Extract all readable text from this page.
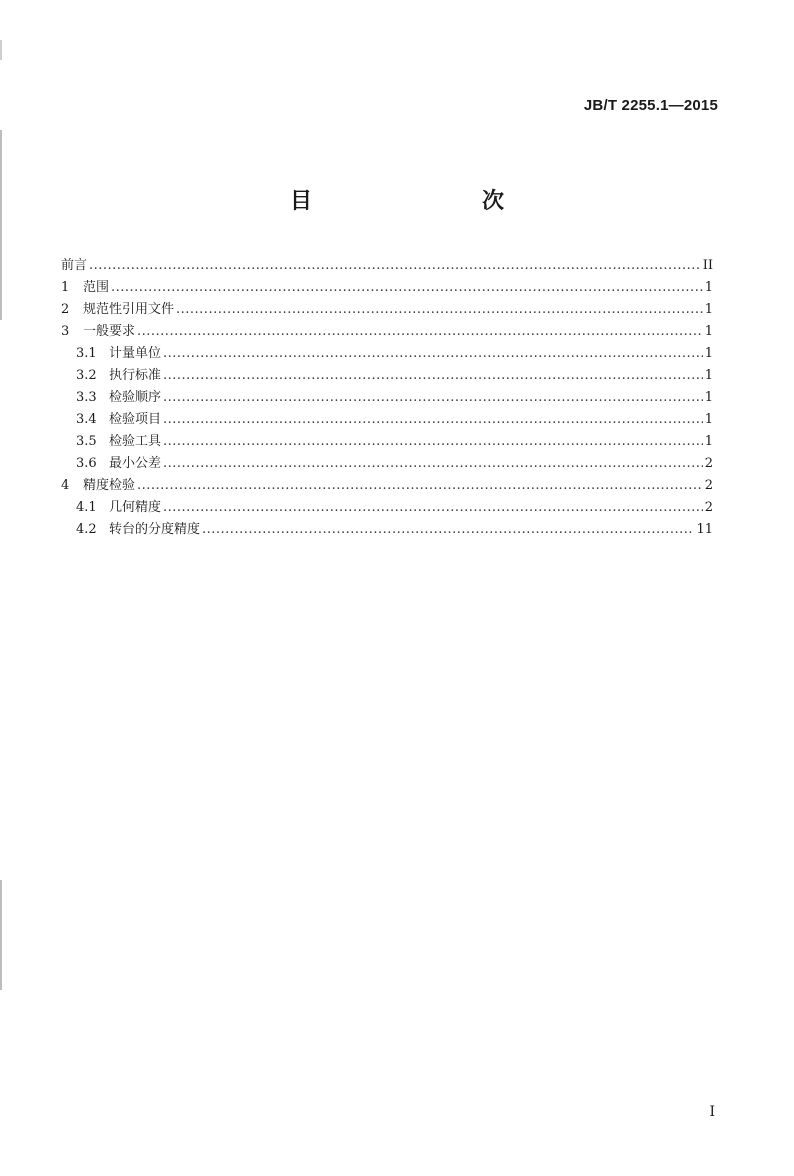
JB/T 2255.1—2015
目　　次
前言 .....	II
1	范围 .....	1
2	规范性引用文件 .....	1
3	一般要求 .....	1
3.1 计量单位 .....	1
3.2 执行标准 .....	1
3.3 检验顺序 .....	1
3.4 检验项目 .....	1
3.5 检验工具 .....	1
3.6 最小公差 .....	2
4	精度检验 .....	2
4.1 几何精度 .....	2
4.2 转台的分度精度 .....	11
I
